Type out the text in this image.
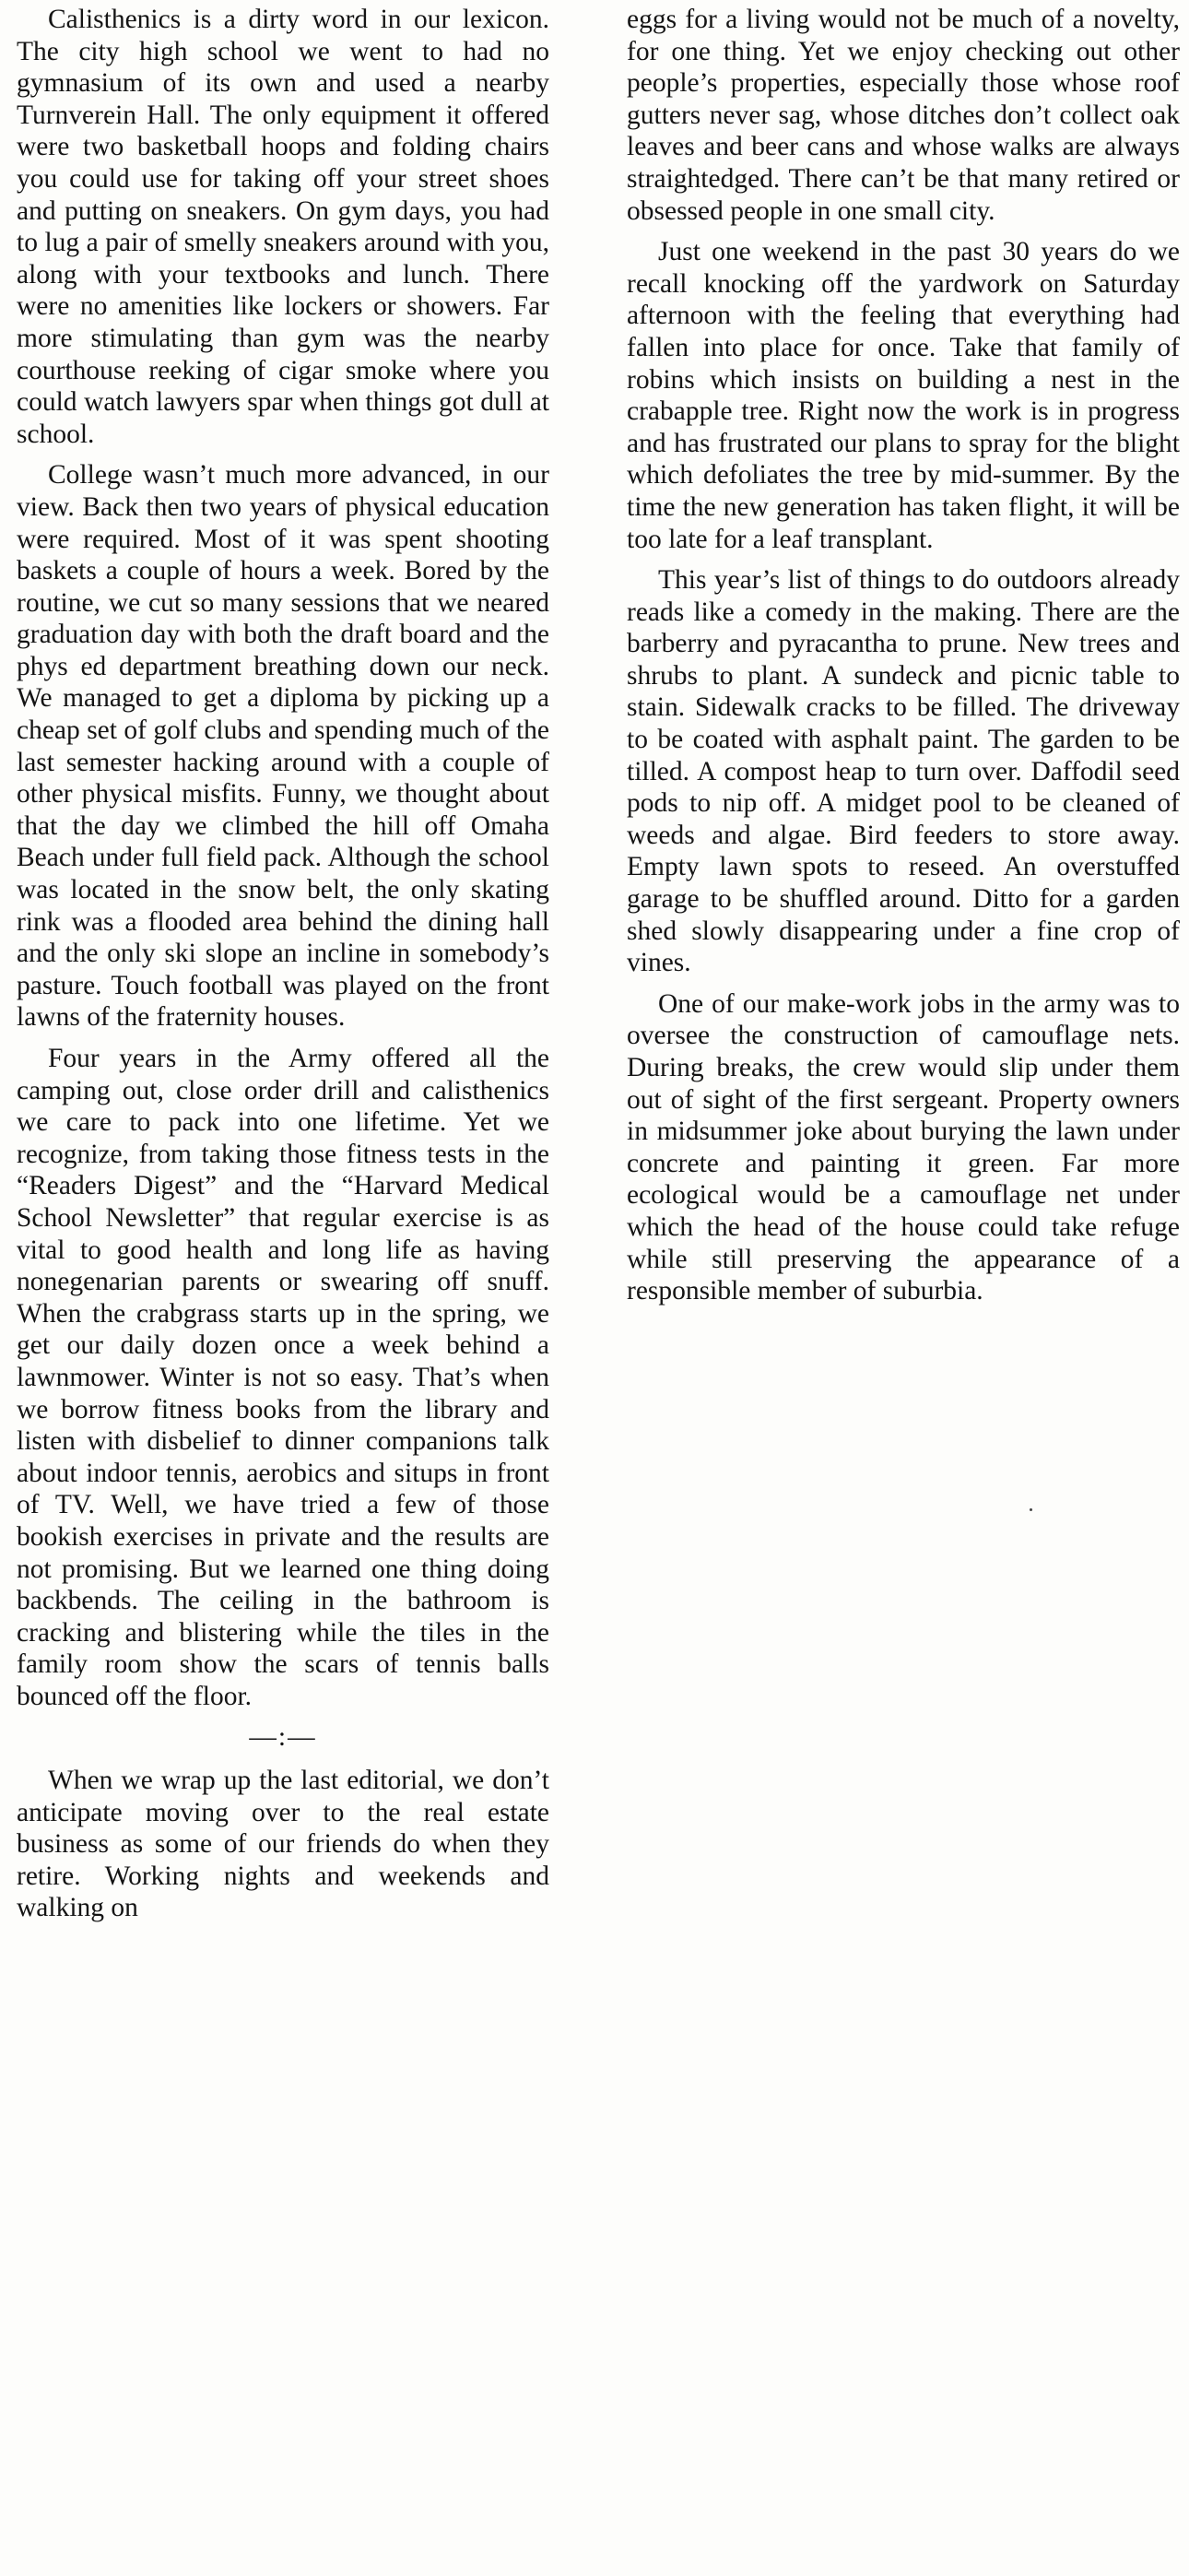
Calisthenics is a dirty word in our lexicon. The city high school we went to had no gymnasium of its own and used a nearby Turnverein Hall. The only equipment it offered were two basketball hoops and folding chairs you could use for taking off your street shoes and putting on sneakers. On gym days, you had to lug a pair of smelly sneakers around with you, along with your textbooks and lunch. There were no amenities like lockers or showers. Far more stimulating than gym was the nearby courthouse reeking of cigar smoke where you could watch lawyers spar when things got dull at school.

College wasn’t much more advanced, in our view. Back then two years of physical education were required. Most of it was spent shooting baskets a couple of hours a week. Bored by the routine, we cut so many sessions that we neared graduation day with both the draft board and the phys ed department breathing down our neck. We managed to get a diploma by picking up a cheap set of golf clubs and spending much of the last semester hacking around with a couple of other physical misfits. Funny, we thought about that the day we climbed the hill off Omaha Beach under full field pack. Although the school was located in the snow belt, the only skating rink was a flooded area behind the dining hall and the only ski slope an incline in somebody’s pasture. Touch football was played on the front lawns of the fraternity houses.

Four years in the Army offered all the camping out, close order drill and calisthenics we care to pack into one lifetime. Yet we recognize, from taking those fitness tests in the “Readers Digest” and the “Harvard Medical School Newsletter” that regular exercise is as vital to good health and long life as having nonegenarian parents or swearing off snuff. When the crabgrass starts up in the spring, we get our daily dozen once a week behind a lawnmower. Winter is not so easy. That’s when we borrow fitness books from the library and listen with disbelief to dinner companions talk about indoor tennis, aerobics and situps in front of TV. Well, we have tried a few of those bookish exercises in private and the results are not promising. But we learned one thing doing backbends. The ceiling in the bathroom is cracking and blistering while the tiles in the family room show the scars of tennis balls bounced off the floor.

—:—

When we wrap up the last editorial, we don’t anticipate moving over to the real estate business as some of our friends do when they retire. Working nights and weekends and walking on

eggs for a living would not be much of a novelty, for one thing. Yet we enjoy checking out other people’s properties, especially those whose roof gutters never sag, whose ditches don’t collect oak leaves and beer cans and whose walks are always straightedged. There can’t be that many retired or obsessed people in one small city.

Just one weekend in the past 30 years do we recall knocking off the yardwork on Saturday afternoon with the feeling that everything had fallen into place for once. Take that family of robins which insists on building a nest in the crabapple tree. Right now the work is in progress and has frustrated our plans to spray for the blight which defoliates the tree by mid-summer. By the time the new generation has taken flight, it will be too late for a leaf transplant.

This year’s list of things to do outdoors already reads like a comedy in the making. There are the barberry and pyracantha to prune. New trees and shrubs to plant. A sundeck and picnic table to stain. Sidewalk cracks to be filled. The driveway to be coated with asphalt paint. The garden to be tilled. A compost heap to turn over. Daffodil seed pods to nip off. A midget pool to be cleaned of weeds and algae. Bird feeders to store away. Empty lawn spots to reseed. An overstuffed garage to be shuffled around. Ditto for a garden shed slowly disappearing under a fine crop of vines.

One of our make-work jobs in the army was to oversee the construction of camouflage nets. During breaks, the crew would slip under them out of sight of the first sergeant. Property owners in midsummer joke about burying the lawn under concrete and painting it green. Far more ecological would be a camouflage net under which the head of the house could take refuge while still preserving the appearance of a responsible member of suburbia.
